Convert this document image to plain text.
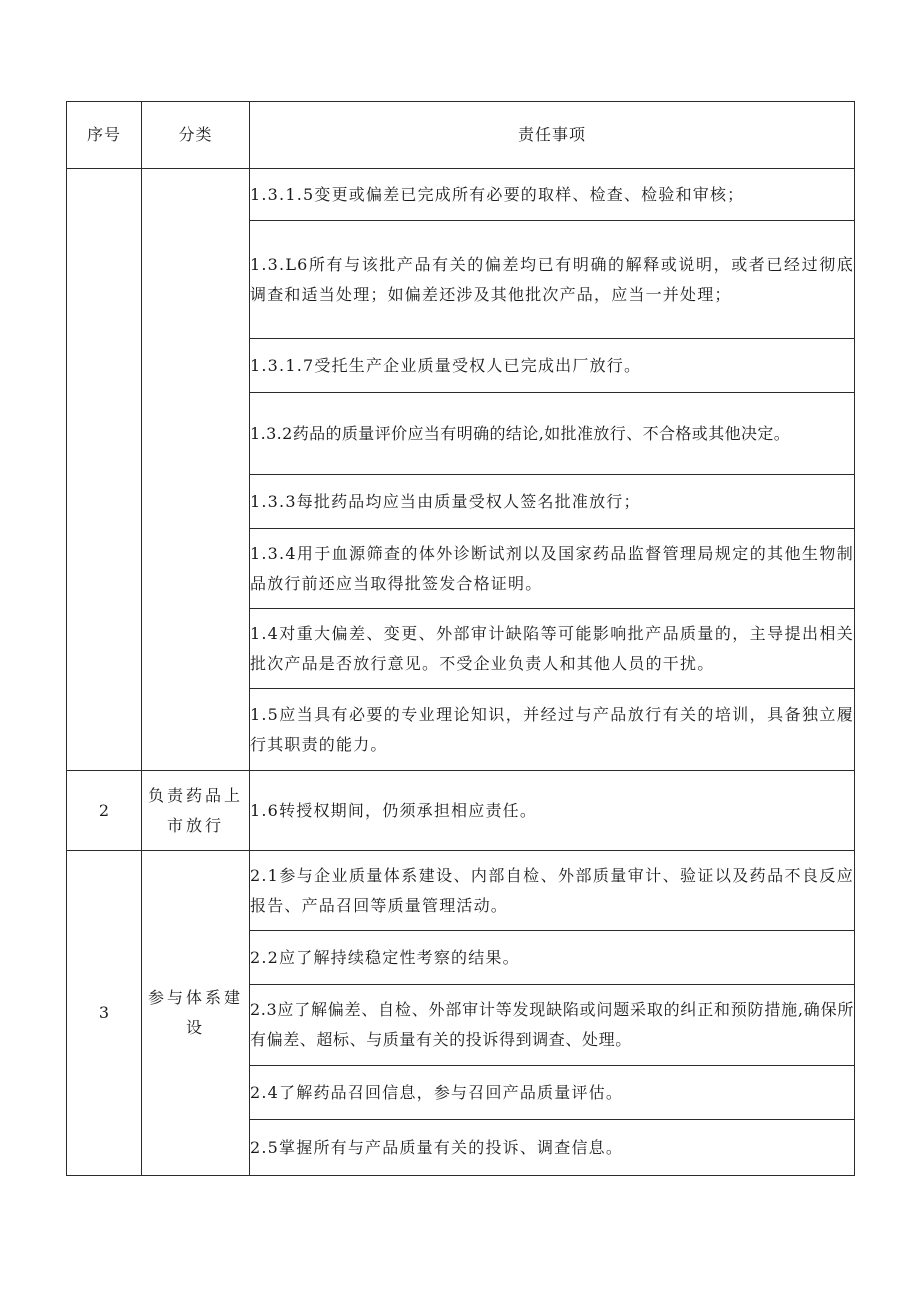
序号	分类	责任事项

		1.3.1.5变更或偏差已完成所有必要的取样、检查、检验和审核；

		1.3.L6所有与该批产品有关的偏差均已有明确的解释或说明，或者已经过彻底调查和适当处理；如偏差还涉及其他批次产品，应当一并处理；

		1.3.1.7受托生产企业质量受权人已完成出厂放行。

		1.3.2药品的质量评价应当有明确的结论,如批准放行、不合格或其他决定。

		1.3.3每批药品均应当由质量受权人签名批准放行；

		1.3.4用于血源筛查的体外诊断试剂以及国家药品监督管理局规定的其他生物制品放行前还应当取得批签发合格证明。

		1.4对重大偏差、变更、外部审计缺陷等可能影响批产品质量的，主导提出相关批次产品是否放行意见。不受企业负责人和其他人员的干扰。

		1.5应当具有必要的专业理论知识，并经过与产品放行有关的培训，具备独立履行其职责的能力。

2	负责药品上市放行	1.6转授权期间，仍须承担相应责任。

3	参与体系建设	2.1参与企业质量体系建设、内部自检、外部质量审计、验证以及药品不良反应报告、产品召回等质量管理活动。

		2.2应了解持续稳定性考察的结果。

		2.3应了解偏差、自检、外部审计等发现缺陷或问题采取的纠正和预防措施,确保所有偏差、超标、与质量有关的投诉得到调查、处理。

		2.4了解药品召回信息，参与召回产品质量评估。

		2.5掌握所有与产品质量有关的投诉、调查信息。
